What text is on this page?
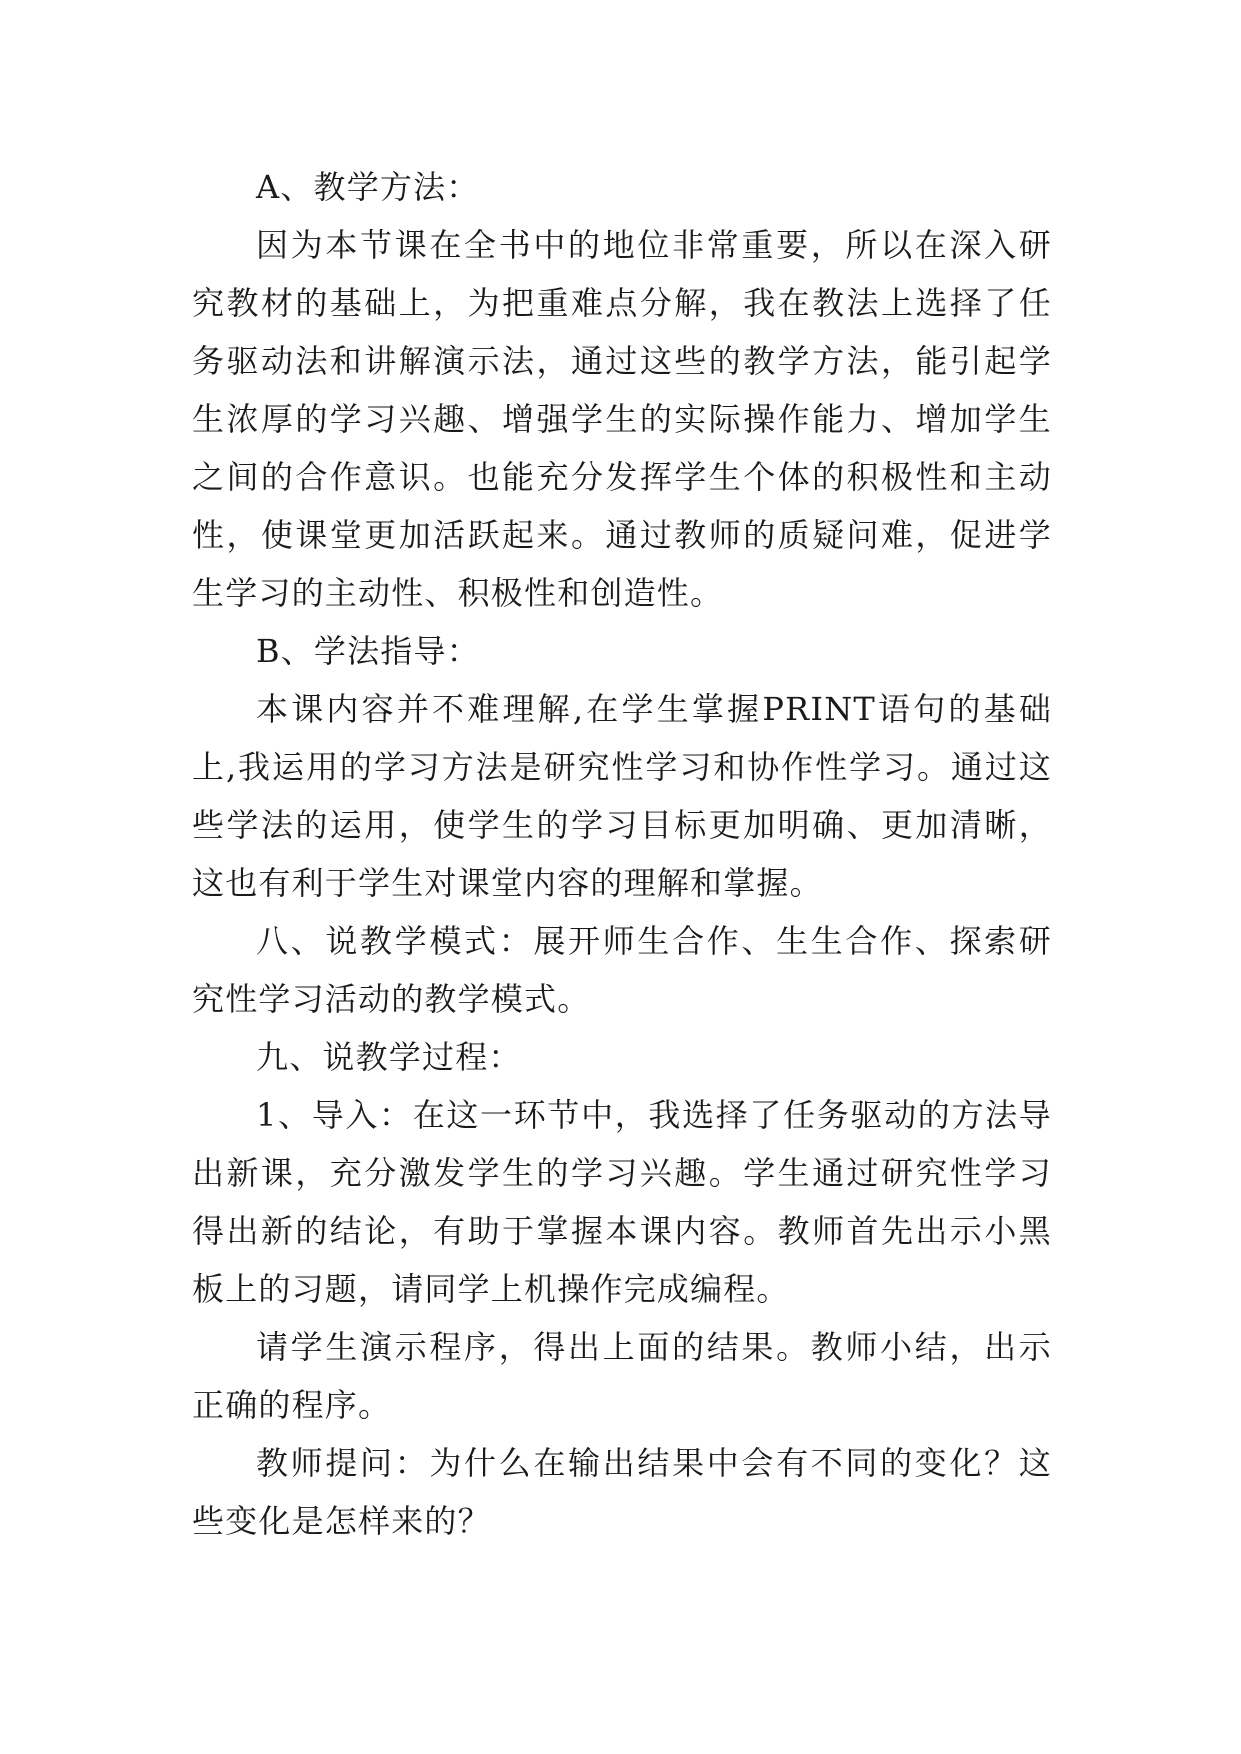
A、教学方法：

因为本节课在全书中的地位非常重要，所以在深入研究教材的基础上，为把重难点分解，我在教法上选择了任务驱动法和讲解演示法，通过这些的教学方法，能引起学生浓厚的学习兴趣、增强学生的实际操作能力、增加学生之间的合作意识。也能充分发挥学生个体的积极性和主动性，使课堂更加活跃起来。通过教师的质疑问难，促进学生学习的主动性、积极性和创造性。

B、学法指导：

本课内容并不难理解,在学生掌握PRINT语句的基础上,我运用的学习方法是研究性学习和协作性学习。通过这些学法的运用，使学生的学习目标更加明确、更加清晰，这也有利于学生对课堂内容的理解和掌握。

八、说教学模式：展开师生合作、生生合作、探索研究性学习活动的教学模式。

九、说教学过程：

1、导入：在这一环节中，我选择了任务驱动的方法导出新课，充分激发学生的学习兴趣。学生通过研究性学习得出新的结论，有助于掌握本课内容。教师首先出示小黑板上的习题，请同学上机操作完成编程。

请学生演示程序，得出上面的结果。教师小结，出示正确的程序。

教师提问：为什么在输出结果中会有不同的变化？这些变化是怎样来的？
